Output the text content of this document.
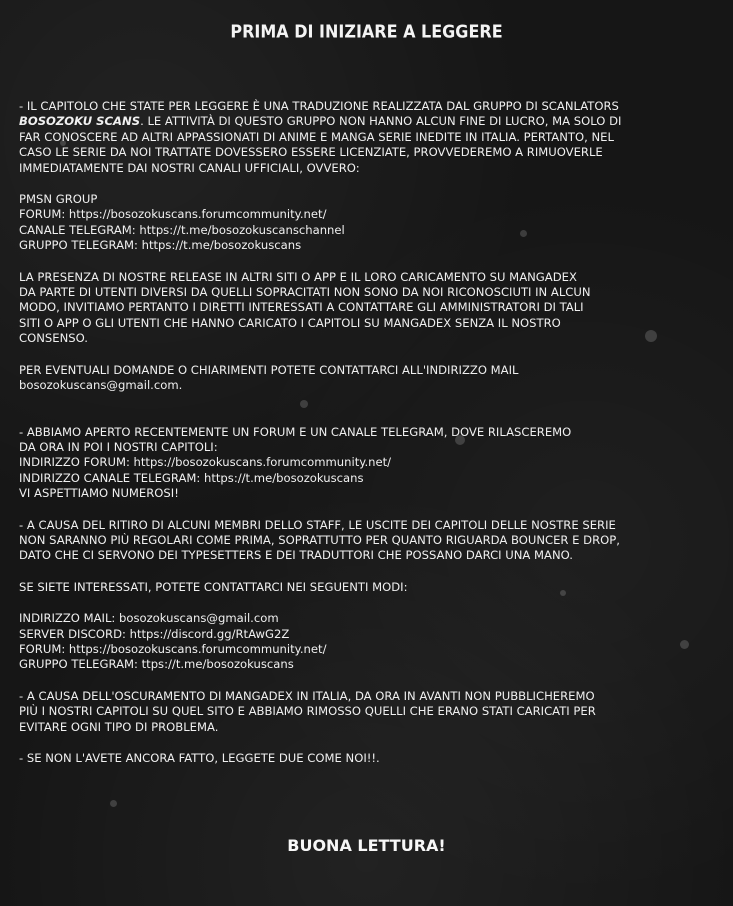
PRIMA DI INIZIARE A LEGGERE

- IL CAPITOLO CHE STATE PER LEGGERE È UNA TRADUZIONE REALIZZATA DAL GRUPPO DI SCANLATORS

BOSOZOKU SCANS. LE ATTIVITÀ DI QUESTO GRUPPO NON HANNO ALCUN FINE DI LUCRO, MA SOLO DI

FAR CONOSCERE AD ALTRI APPASSIONATI DI ANIME E MANGA SERIE INEDITE IN ITALIA. PERTANTO, NEL

CASO LE SERIE DA NOI TRATTATE DOVESSERO ESSERE LICENZIATE, PROVVEDEREMO A RIMUOVERLE

IMMEDIATAMENTE DAI NOSTRI CANALI UFFICIALI, OVVERO:

PMSN GROUP

FORUM: https://bosozokuscans.forumcommunity.net/

CANALE TELEGRAM: https://t.me/bosozokuscanschannel

GRUPPO TELEGRAM: https://t.me/bosozokuscans

LA PRESENZA DI NOSTRE RELEASE IN ALTRI SITI O APP E IL LORO CARICAMENTO SU MANGADEX

DA PARTE DI UTENTI DIVERSI DA QUELLI SOPRACITATI NON SONO DA NOI RICONOSCIUTI IN ALCUN

MODO, INVITIAMO PERTANTO I DIRETTI INTERESSATI A CONTATTARE GLI AMMINISTRATORI DI TALI

SITI O APP O GLI UTENTI CHE HANNO CARICATO I CAPITOLI SU MANGADEX SENZA IL NOSTRO

CONSENSO.

PER EVENTUALI DOMANDE O CHIARIMENTI POTETE CONTATTARCI ALL'INDIRIZZO MAIL

bosozokuscans@gmail.com.

- ABBIAMO APERTO RECENTEMENTE UN FORUM E UN CANALE TELEGRAM, DOVE RILASCEREMO

DA ORA IN POI I NOSTRI CAPITOLI:

INDIRIZZO FORUM: https://bosozokuscans.forumcommunity.net/

INDIRIZZO CANALE TELEGRAM: https://t.me/bosozokuscans

VI ASPETTIAMO NUMEROSI!

- A CAUSA DEL RITIRO DI ALCUNI MEMBRI DELLO STAFF, LE USCITE DEI CAPITOLI DELLE NOSTRE SERIE

NON SARANNO PIÙ REGOLARI COME PRIMA, SOPRATTUTTO PER QUANTO RIGUARDA BOUNCER E DROP,

DATO CHE CI SERVONO DEI TYPESETTERS E DEI TRADUTTORI CHE POSSANO DARCI UNA MANO.

SE SIETE INTERESSATI, POTETE CONTATTARCI NEI SEGUENTI MODI:

INDIRIZZO MAIL: bosozokuscans@gmail.com

SERVER DISCORD: https://discord.gg/RtAwG2Z

FORUM: https://bosozokuscans.forumcommunity.net/

GRUPPO TELEGRAM: ttps://t.me/bosozokuscans

- A CAUSA DELL'OSCURAMENTO DI MANGADEX IN ITALIA, DA ORA IN AVANTI NON PUBBLICHEREMO

PIÙ I NOSTRI CAPITOLI SU QUEL SITO E ABBIAMO RIMOSSO QUELLI CHE ERANO STATI CARICATI PER

EVITARE OGNI TIPO DI PROBLEMA.

- SE NON L'AVETE ANCORA FATTO, LEGGETE DUE COME NOI!!.

BUONA LETTURA!
